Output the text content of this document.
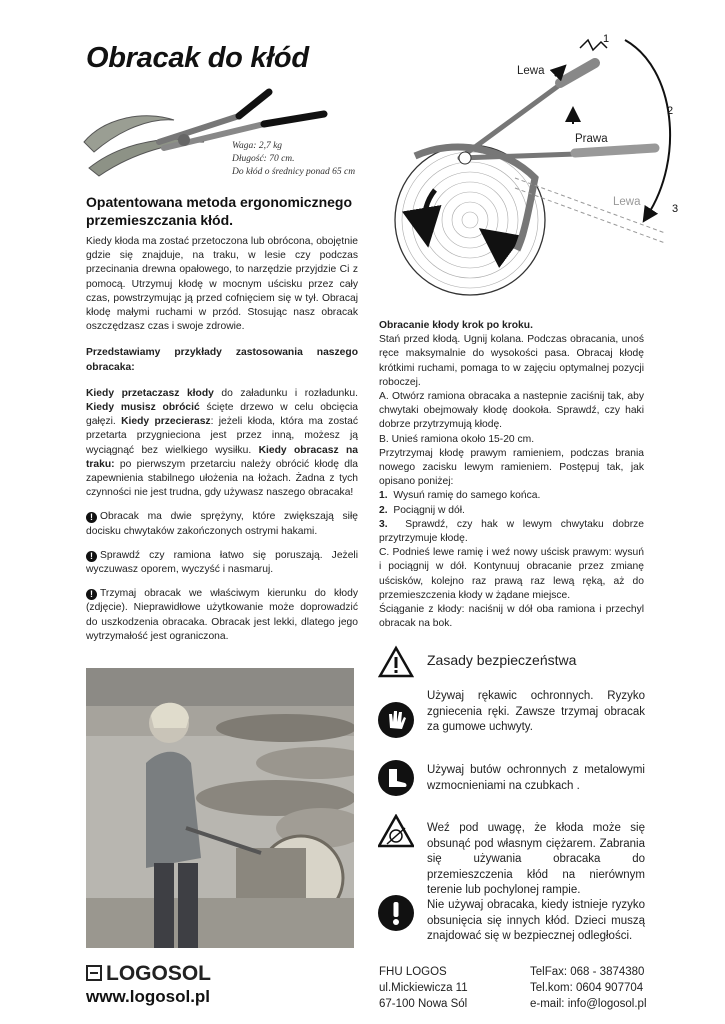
Obracak do kłód
Waga: 2,7 kg
Długość: 70 cm.
Do kłód o średnicy ponad 65 cm
Lewa
Prawa
Lewa
1
2
3
Opatentowana metoda ergonomicznego przemieszczania kłód.

Kiedy kłoda ma zostać przetoczona lub obrócona, obojętnie gdzie się znajduje, na traku, w lesie czy podczas przecinania drewna opałowego, to narzędzie przyjdzie Ci z pomocą. Utrzymuj kłodę w mocnym uścisku przez cały czas, powstrzymując ją przed cofnięciem się w tył. Obracaj kłodę małymi ruchami w przód. Stosując nasz obracak oszczędzasz czas i swoje zdrowie.

Przedstawiamy przykłady zastosowania naszego obracaka:

Kiedy przetaczasz kłody do załadunku i rozładunku. Kiedy musisz obrócić ścięte drzewo w celu obcięcia gałęzi. Kiedy przecierasz: jeżeli kłoda, która ma zostać przetarta przygnieciona jest przez inną, możesz ją wyciągnąć bez wielkiego wysiłku. Kiedy obracasz na traku: po pierwszym przetarciu należy obrócić kłodę dla zapewnienia stabilnego ułożenia na łożach. Żadna z tych czynności nie jest trudna, gdy używasz naszego obracaka!

! Obracak ma dwie sprężyny, które zwiększają siłę docisku chwytaków zakończonych ostrymi hakami.

! Sprawdź czy ramiona łatwo się poruszają. Jeżeli wyczuwasz oporem, wyczyść i nasmaruj.

! Trzymaj obracak we właściwym kierunku do kłody (zdjęcie). Nieprawidłowe użytkowanie może doprowadzić do uszkodzenia obracaka. Obracak jest lekki, dlatego jego wytrzymałość jest ograniczona.

Obracanie kłody krok po kroku.

Stań przed kłodą. Ugnij kolana. Podczas obracania, unoś ręce maksymalnie do wysokości pasa. Obracaj kłodę krótkimi ruchami, pomaga to w zajęciu optymalnej pozycji roboczej.

A. Otwórz ramiona obracaka a nastepnie zaciśnij tak, aby chwytaki obejmowały kłodę dookoła. Sprawdź, czy haki dobrze przytrzymują kłodę.

B. Unieś ramiona około 15-20 cm.

Przytrzymaj kłodę prawym ramieniem, podczas brania nowego zacisku lewym ramieniem. Postępuj tak, jak opisano poniżej:

1. Wysuń ramię do samego końca.

2. Pociągnij w dół.

3. Sprawdź, czy hak w lewym chwytaku dobrze przytrzymuje kłodę.

C. Podnieś lewe ramię i weź nowy uścisk prawym: wysuń i pociągnij w dół. Kontynuuj obracanie przez zmianę uścisków, kolejno raz prawą raz lewą ręką, aż do przemieszczenia kłody w żądane miejsce.

Ściąganie z kłody: naciśnij w dół oba ramiona i przechyl obracak na bok.

Zasady bezpieczeństwa
Używaj rękawic ochronnych. Ryzyko zgniecenia ręki. Zawsze trzymaj obracak za gumowe uchwyty.
Używaj butów ochronnych z metalowymi wzmocnieniami na czubkach .
Weź pod uwagę, że kłoda może się obsunąć pod własnym ciężarem. Zabrania się używania obracaka do przemieszczenia kłód na nierównym terenie lub pochylonej rampie.
Nie używaj obracaka, kiedy istnieje ryzyko obsunięcia się innych kłód. Dzieci muszą znajdować się w bezpiecznej odległości.
LOGOSOL
www.logosol.pl
FHU LOGOS
ul.Mickiewicza 11
67-100 Nowa Sól
TelFax: 068 - 3874380
Tel.kom: 0604 907704
e-mail: info@logosol.pl
